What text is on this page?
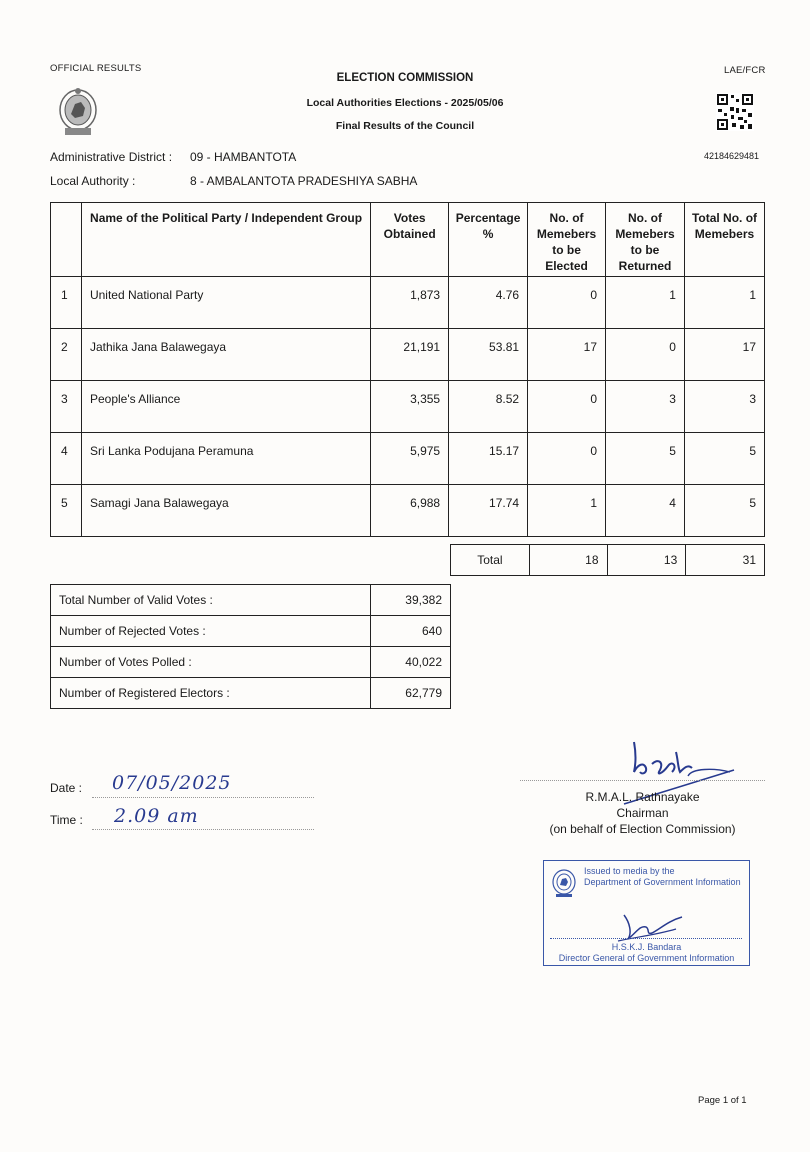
OFFICIAL RESULTS	LAE/FCR
ELECTION COMMISSION
Local Authorities Elections - 2025/05/06
Final Results of the Council
42184629481
Administrative District : 09 - HAMBANTOTA
Local Authority :	8 - AMBALANTOTA PRADESHIYA SABHA
	Name of the Political Party / Independent Group	Votes Obtained	Percentage %	No. of Memebers to be Elected	No. of Memebers to be Returned	Total No. of Memebers
1	United National Party	1,873	4.76	0	1	1
2	Jathika Jana Balawegaya	21,191	53.81	17	0	17
3	People's Alliance	3,355	8.52	0	3	3
4	Sri Lanka Podujana Peramuna	5,975	15.17	0	5	5
5	Samagi Jana Balawegaya	6,988	17.74	1	4	5
Total	18	13	31
Total Number of Valid Votes :	39,382
Number of Rejected Votes :	640
Number of Votes Polled :	40,022
Number of Registered Electors :	62,779
Date : 07/05/2025
Time : 2.09 am
R.M.A.L. Rathnayake
Chairman
(on behalf of Election Commission)
Issued to media by the
Department of Government Information
H.S.K.J. Bandara
Director General of Government Information
Page 1 of 1
